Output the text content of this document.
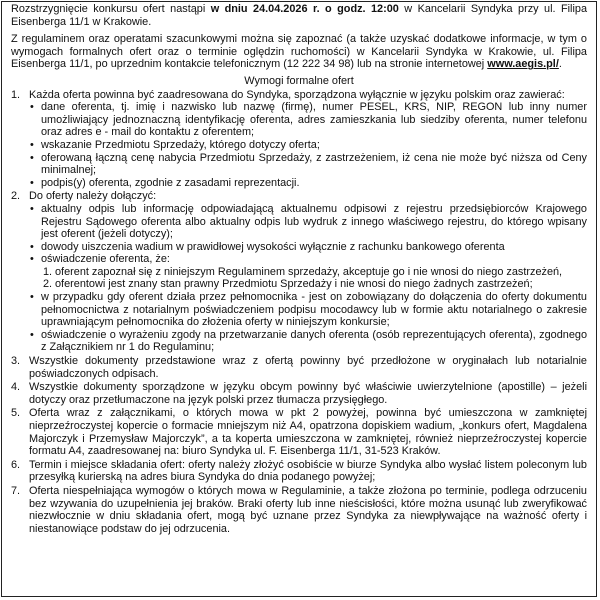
Rozstrzygnięcie konkursu ofert nastąpi w dniu 24.04.2026 r. o godz. 12:00 w Kancelarii Syndyka przy ul. Filipa Eisenberga 11/1 w Krakowie.

Z regulaminem oraz operatami szacunkowymi można się zapoznać (a także uzyskać dodatkowe informacje, w tym o wymogach formalnych ofert oraz o terminie oględzin ruchomości) w Kancelarii Syndyka w Krakowie, ul. Filipa Eisenberga 11/1, po uprzednim kontakcie telefonicznym (12 222 34 98) lub na stronie internetowej www.aegis.pl/.

Wymogi formalne ofert
1. Każda oferta powinna być zaadresowana do Syndyka, sporządzona wyłącznie w języku polskim oraz zawierać:
• dane oferenta, tj. imię i nazwisko lub nazwę (firmę), numer PESEL, KRS, NIP, REGON lub inny numer umożliwiający jednoznaczną identyfikację oferenta, adres zamieszkania lub siedziby oferenta, numer telefonu oraz adres e - mail do kontaktu z oferentem;
• wskazanie Przedmiotu Sprzedaży, którego dotyczy oferta;
• oferowaną łączną cenę nabycia Przedmiotu Sprzedaży, z zastrzeżeniem, iż cena nie może być niższa od Ceny minimalnej;
• podpis(y) oferenta, zgodnie z zasadami reprezentacji.
2. Do oferty należy dołączyć:
• aktualny odpis lub informację odpowiadającą aktualnemu odpisowi z rejestru przedsiębiorców Krajowego Rejestru Sądowego oferenta albo aktualny odpis lub wydruk z innego właściwego rejestru, do którego wpisany jest oferent (jeżeli dotyczy);
• dowody uiszczenia wadium w prawidłowej wysokości wyłącznie z rachunku bankowego oferenta
• oświadczenie oferenta, że:
1. oferent zapoznał się z niniejszym Regulaminem sprzedaży, akceptuje go i nie wnosi do niego zastrzeżeń,
2. oferentowi jest znany stan prawny Przedmiotu Sprzedaży i nie wnosi do niego żadnych zastrzeżeń;
• w przypadku gdy oferent działa przez pełnomocnika - jest on zobowiązany do dołączenia do oferty dokumentu pełnomocnictwa z notarialnym poświadczeniem podpisu mocodawcy lub w formie aktu notarialnego o zakresie uprawniającym pełnomocnika do złożenia oferty w niniejszym konkursie;
• oświadczenie o wyrażeniu zgody na przetwarzanie danych oferenta (osób reprezentujących oferenta), zgodnego z Załącznikiem nr 1 do Regulaminu;
3. Wszystkie dokumenty przedstawione wraz z ofertą powinny być przedłożone w oryginałach lub notarialnie poświadczonych odpisach.
4. Wszystkie dokumenty sporządzone w języku obcym powinny być właściwie uwierzytelnione (apostille) – jeżeli dotyczy oraz przetłumaczone na język polski przez tłumacza przysięgłego.
5. Oferta wraz z załącznikami, o których mowa w pkt 2 powyżej, powinna być umieszczona w zamkniętej nieprzeźroczystej kopercie o formacie mniejszym niż A4, opatrzona dopiskiem wadium, „konkurs ofert, Magdalena Majorczyk i Przemysław Majorczyk”, a ta koperta umieszczona w zamkniętej, również nieprzeźroczystej kopercie formatu A4, zaadresowanej na: biuro Syndyka ul. F. Eisenberga 11/1, 31-523 Kraków.
6. Termin i miejsce składania ofert: oferty należy złożyć osobiście w biurze Syndyka albo wysłać listem poleconym lub przesyłką kurierską na adres biura Syndyka do dnia podanego powyżej;
7. Oferta niespełniająca wymogów o których mowa w Regulaminie, a także złożona po terminie, podlega odrzuceniu bez wzywania do uzupełnienia jej braków. Braki oferty lub inne nieścisłości, które można usunąć lub zweryfikować niezwłocznie w dniu składania ofert, mogą być uznane przez Syndyka za niewpływające na ważność oferty i niestanowiące podstaw do jej odrzucenia.
